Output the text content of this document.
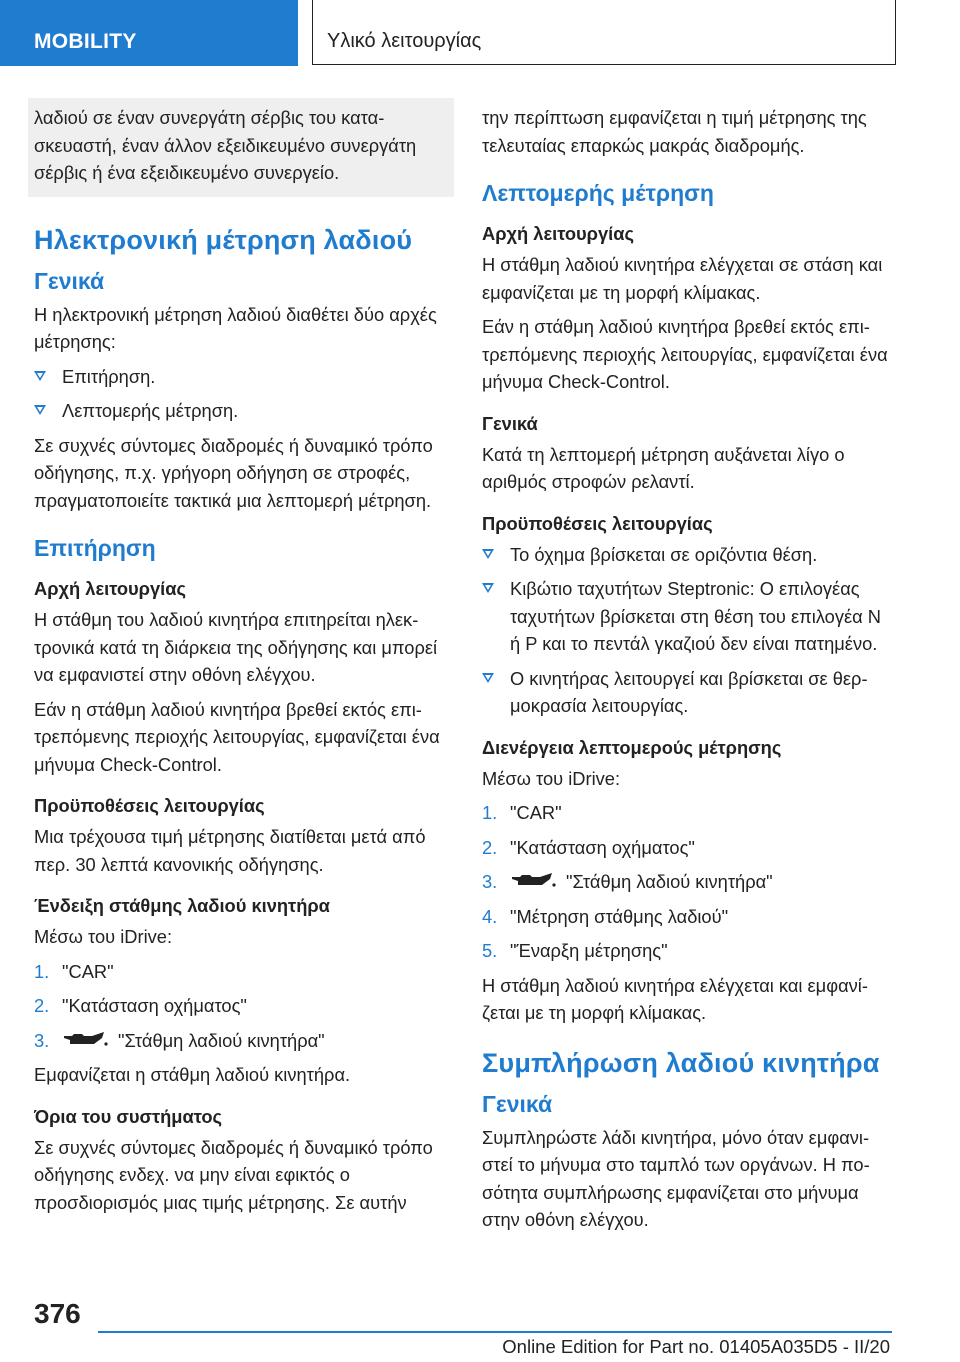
MOBILITY	Υλικό λειτουργίας

λαδιού σε έναν συνεργάτη σέρβις του κατασκευαστή, έναν άλλον εξειδικευμένο συνεργάτη σέρβις ή ένα εξειδικευμένο συνεργείο.

Ηλεκτρονική μέτρηση λαδιού
Γενικά

Η ηλεκτρονική μέτρηση λαδιού διαθέτει δύο αρχές μέτρησης:

Επιτήρηση.
Λεπτομερής μέτρηση.

Σε συχνές σύντομες διαδρομές ή δυναμικό τρόπο οδήγησης, π.χ. γρήγορη οδήγηση σε στροφές, πραγματοποιείτε τακτικά μια λεπτομερή μέτρηση.

Επιτήρηση
Αρχή λειτουργίας

Η στάθμη του λαδιού κινητήρα επιτηρείται ηλεκτρονικά κατά τη διάρκεια της οδήγησης και μπορεί να εμφανιστεί στην οθόνη ελέγχου.

Εάν η στάθμη λαδιού κινητήρα βρεθεί εκτός επιτρεπόμενης περιοχής λειτουργίας, εμφανίζεται ένα μήνυμα Check-Control.

Προϋποθέσεις λειτουργίας

Μια τρέχουσα τιμή μέτρησης διατίθεται μετά από περ. 30 λεπτά κανονικής οδήγησης.

Ένδειξη στάθμης λαδιού κινητήρα

Μέσω του iDrive:

1. "CAR"
2. "Κατάσταση οχήματος"
3.	"Στάθμη λαδιού κινητήρα"

Εμφανίζεται η στάθμη λαδιού κινητήρα.

Όρια του συστήματος

Σε συχνές σύντομες διαδρομές ή δυναμικό τρόπο οδήγησης ενδεχ. να μην είναι εφικτός ο προσδιορισμός μιας τιμής μέτρησης. Σε αυτήν

την περίπτωση εμφανίζεται η τιμή μέτρησης της τελευταίας επαρκώς μακράς διαδρομής.

Λεπτομερής μέτρηση
Αρχή λειτουργίας

Η στάθμη λαδιού κινητήρα ελέγχεται σε στάση και εμφανίζεται με τη μορφή κλίμακας.

Εάν η στάθμη λαδιού κινητήρα βρεθεί εκτός επιτρεπόμενης περιοχής λειτουργίας, εμφανίζεται ένα μήνυμα Check-Control.

Γενικά

Κατά τη λεπτομερή μέτρηση αυξάνεται λίγο ο αριθμός στροφών ρελαντί.

Προϋποθέσεις λειτουργίας
Το όχημα βρίσκεται σε οριζόντια θέση.
Κιβώτιο ταχυτήτων Steptronic: Ο επιλογέας ταχυτήτων βρίσκεται στη θέση του επιλογέα N ή P και το πεντάλ γκαζιού δεν είναι πατημένο.
Ο κινητήρας λειτουργεί και βρίσκεται σε θερμοκρασία λειτουργίας.
Διενέργεια λεπτομερούς μέτρησης

Μέσω του iDrive:

1. "CAR"
2. "Κατάσταση οχήματος"
3.	"Στάθμη λαδιού κινητήρα"
4. "Μέτρηση στάθμης λαδιού"
5. "Έναρξη μέτρησης"

Η στάθμη λαδιού κινητήρα ελέγχεται και εμφανίζεται με τη μορφή κλίμακας.

Συμπλήρωση λαδιού κινητήρα
Γενικά

Συμπληρώστε λάδι κινητήρα, μόνο όταν εμφανιστεί το μήνυμα στο ταμπλό των οργάνων. Η ποσότητα συμπλήρωσης εμφανίζεται στο μήνυμα στην οθόνη ελέγχου.

376
Online Edition for Part no. 01405A035D5 - II/20
